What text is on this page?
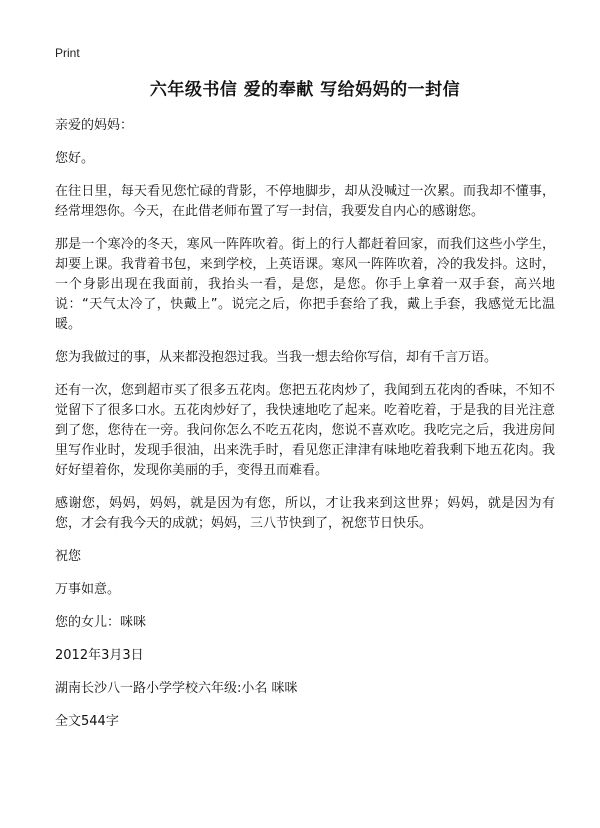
Print
六年级书信 爱的奉献 写给妈妈的一封信

亲爱的妈妈：

您好。

在往日里，每天看见您忙碌的背影，不停地脚步，却从没喊过一次累。而我却不懂事，经常埋怨你。今天，在此借老师布置了写一封信，我要发自内心的感谢您。

那是一个寒冷的冬天，寒风一阵阵吹着。街上的行人都赶着回家，而我们这些小学生，却要上课。我背着书包，来到学校，上英语课。寒风一阵阵吹着，冷的我发抖。这时，一个身影出现在我面前，我抬头一看，是您，是您。你手上拿着一双手套，高兴地说：“天气太冷了，快戴上”。说完之后，你把手套给了我，戴上手套，我感觉无比温暖。

您为我做过的事，从来都没抱怨过我。当我一想去给你写信，却有千言万语。

还有一次，您到超市买了很多五花肉。您把五花肉炒了，我闻到五花肉的香味，不知不觉留下了很多口水。五花肉炒好了，我快速地吃了起来。吃着吃着，于是我的目光注意到了您，您待在一旁。我问你怎么不吃五花肉，您说不喜欢吃。我吃完之后，我进房间里写作业时，发现手很油，出来洗手时，看见您正津津有味地吃着我剩下地五花肉。我好好望着你，发现你美丽的手，变得丑而难看。

感谢您，妈妈，妈妈，就是因为有您，所以，才让我来到这世界；妈妈，就是因为有您，才会有我今天的成就；妈妈，三八节快到了，祝您节日快乐。

祝您

万事如意。

您的女儿：咪咪

2012年3月3日

湖南长沙八一路小学学校六年级:小名 咪咪

全文544字
